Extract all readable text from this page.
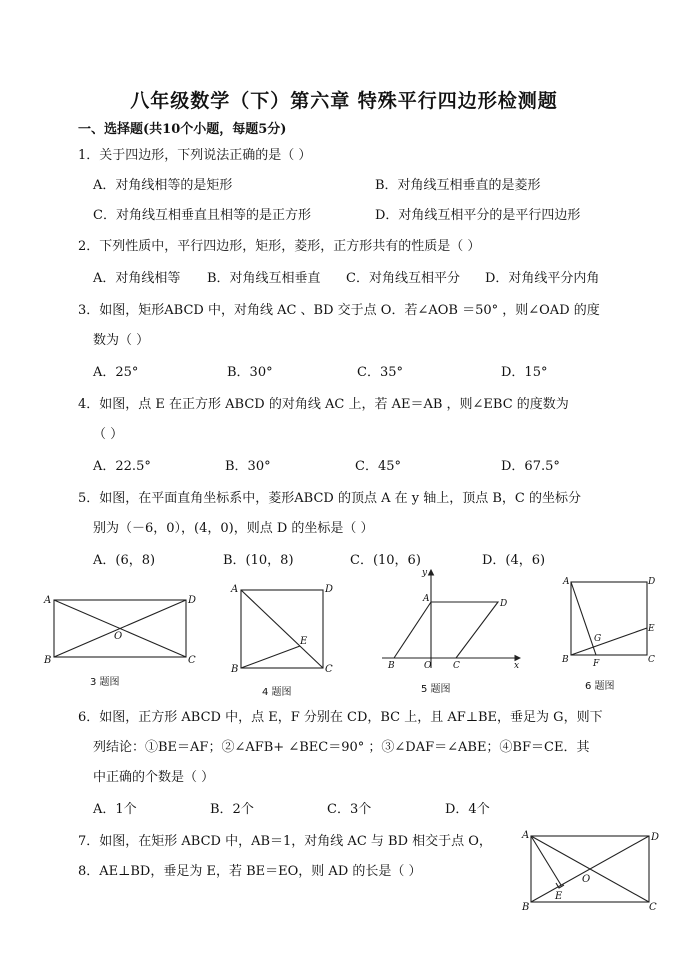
八年级数学（下）第六章 特殊平行四边形检测题
一、选择题(共10个小题，每题5分)
1．关于四边形，下列说法正确的是（ ）
A．对角线相等的是矩形	B．对角线互相垂直的是菱形
C．对角线互相垂直且相等的是正方形	D．对角线互相平分的是平行四边形
2．下列性质中，平行四边形，矩形，菱形，正方形共有的性质是（ ）
A．对角线相等 B．对角线互相垂直 C．对角线互相平分 D．对角线平分内角
3．如图，矩形ABCD 中，对角线 AC 、BD 交于点 O．若∠AOB ＝50° ，则∠OAD 的度
数为（ ）
A．25°	B．30°	C．35°	D．15°
4．如图，点 E 在正方形 ABCD 的对角线 AC 上，若 AE＝AB ，则∠EBC 的度数为
（ ）
A．22.5°	B．30°	C．45°	D．67.5°
5．如图，在平面直角坐标系中，菱形ABCD 的顶点 A 在 y 轴上，顶点 B，C 的坐标分
别为（－6，0），(4，0)，则点 D 的坐标是（ ）
A．(6，8)	B．(10，8)	C．(10，6)	D．(4，6)
A
B	C
D
O
3 题图
A
B	C
D
E
4 题图
y
x
A	D
B	O C
5 题图
A
B	C
D
E
F
G
6 题图
6．如图，正方形 ABCD 中，点 E，F 分别在 CD，BC 上，且 AF⊥BE，垂足为 G，则下
列结论：①BE＝AF；②∠AFB+ ∠BEC＝90° ；③∠DAF＝∠ABE；④BF＝CE．其
中正确的个数是（ ）
A．1个	B．2个	C．3个	D．4个
7．如图，在矩形 ABCD 中，AB＝1，对角线 AC 与 BD 相交于点 O，
8．AE⊥BD，垂足为 E，若 BE＝EO，则 AD 的长是（ ）
A
B	C
D
E
O
